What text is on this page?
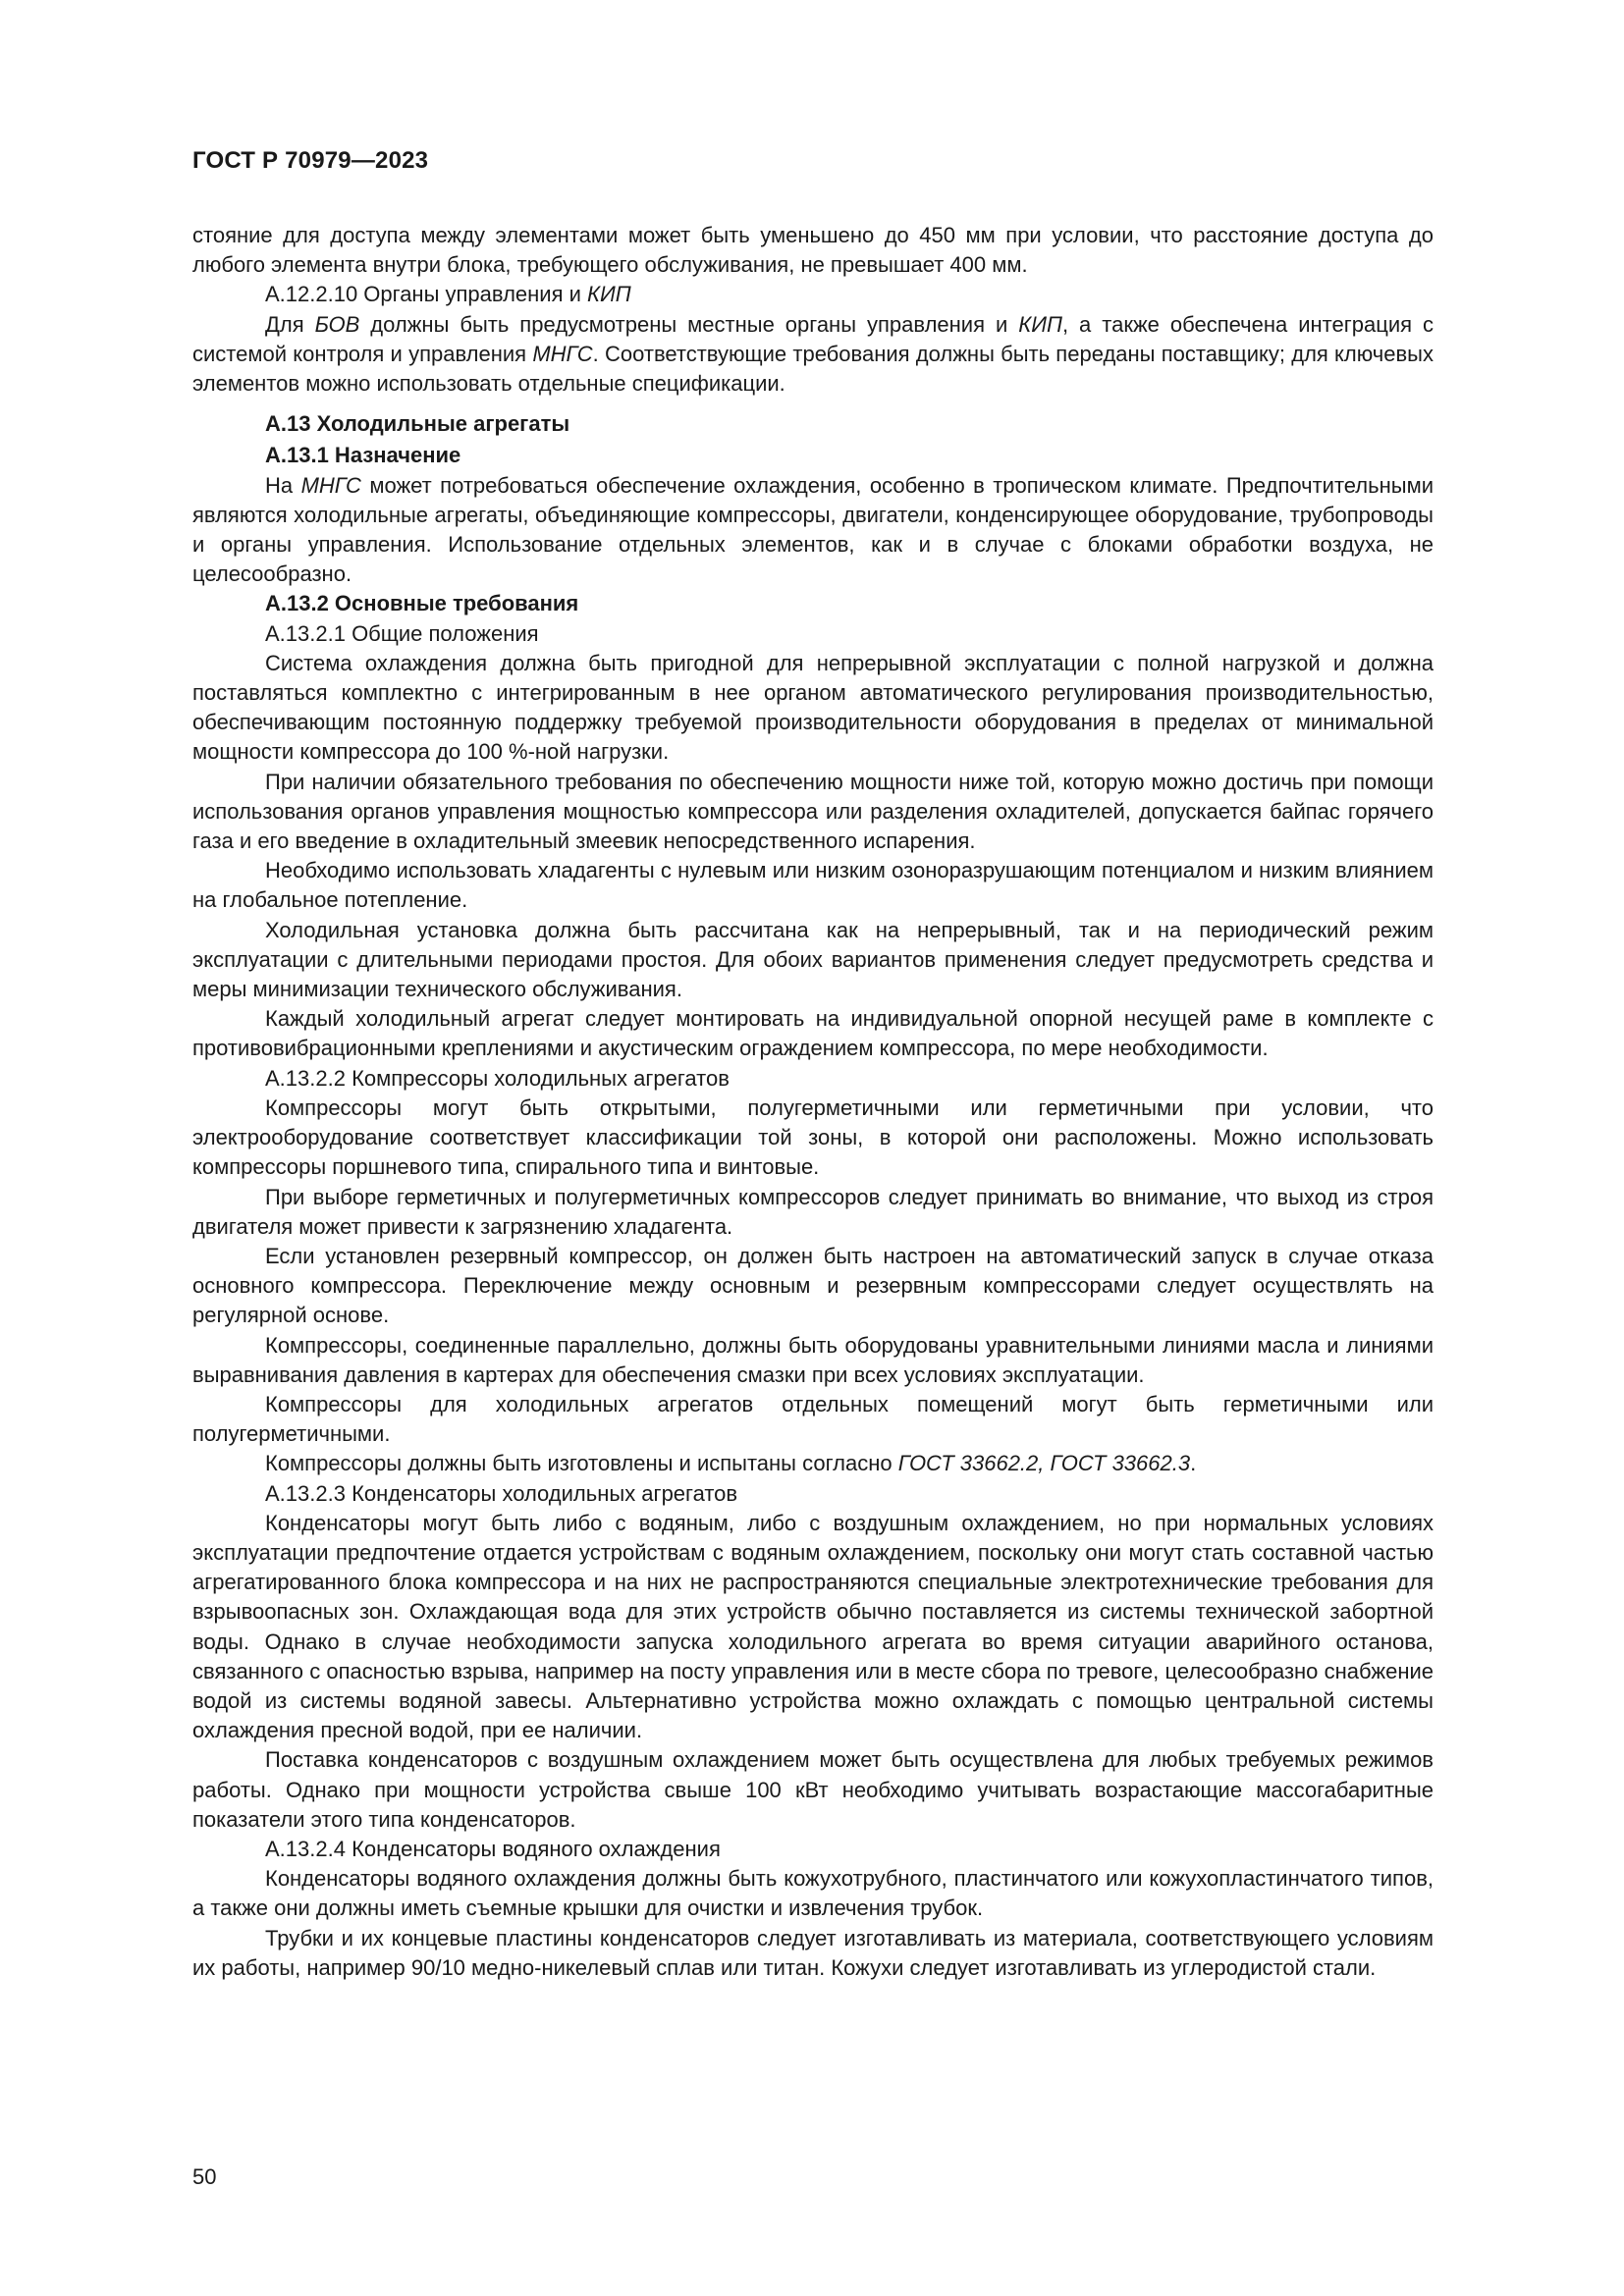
ГОСТ Р 70979—2023

стояние для доступа между элементами может быть уменьшено до 450 мм при условии, что расстояние доступа до любого элемента внутри блока, требующего обслуживания, не превышает 400 мм.

А.12.2.10 Органы управления и КИП

Для БОВ должны быть предусмотрены местные органы управления и КИП, а также обеспечена интеграция с системой контроля и управления МНГС. Соответствующие требования должны быть переданы поставщику; для ключевых элементов можно использовать отдельные спецификации.

А.13 Холодильные агрегаты
А.13.1 Назначение

На МНГС может потребоваться обеспечение охлаждения, особенно в тропическом климате. Предпочтительными являются холодильные агрегаты, объединяющие компрессоры, двигатели, конденсирующее оборудование, трубопроводы и органы управления. Использование отдельных элементов, как и в случае с блоками обработки воздуха, не целесообразно.

А.13.2 Основные требования

А.13.2.1 Общие положения

Система охлаждения должна быть пригодной для непрерывной эксплуатации с полной нагрузкой и должна поставляться комплектно с интегрированным в нее органом автоматического регулирования производительностью, обеспечивающим постоянную поддержку требуемой производительности оборудования в пределах от минимальной мощности компрессора до 100 %-ной нагрузки.

При наличии обязательного требования по обеспечению мощности ниже той, которую можно достичь при помощи использования органов управления мощностью компрессора или разделения охладителей, допускается байпас горячего газа и его введение в охладительный змеевик непосредственного испарения.

Необходимо использовать хладагенты с нулевым или низким озоноразрушающим потенциалом и низким влиянием на глобальное потепление.

Холодильная установка должна быть рассчитана как на непрерывный, так и на периодический режим эксплуатации с длительными периодами простоя. Для обоих вариантов применения следует предусмотреть средства и меры минимизации технического обслуживания.

Каждый холодильный агрегат следует монтировать на индивидуальной опорной несущей раме в комплекте с противовибрационными креплениями и акустическим ограждением компрессора, по мере необходимости.

А.13.2.2 Компрессоры холодильных агрегатов

Компрессоры могут быть открытыми, полугерметичными или герметичными при условии, что электрооборудование соответствует классификации той зоны, в которой они расположены. Можно использовать компрессоры поршневого типа, спирального типа и винтовые.

При выборе герметичных и полугерметичных компрессоров следует принимать во внимание, что выход из строя двигателя может привести к загрязнению хладагента.

Если установлен резервный компрессор, он должен быть настроен на автоматический запуск в случае отказа основного компрессора. Переключение между основным и резервным компрессорами следует осуществлять на регулярной основе.

Компрессоры, соединенные параллельно, должны быть оборудованы уравнительными линиями масла и линиями выравнивания давления в картерах для обеспечения смазки при всех условиях эксплуатации.

Компрессоры для холодильных агрегатов отдельных помещений могут быть герметичными или полугерметичными.

Компрессоры должны быть изготовлены и испытаны согласно ГОСТ 33662.2, ГОСТ 33662.3.

А.13.2.3 Конденсаторы холодильных агрегатов

Конденсаторы могут быть либо с водяным, либо с воздушным охлаждением, но при нормальных условиях эксплуатации предпочтение отдается устройствам с водяным охлаждением, поскольку они могут стать составной частью агрегатированного блока компрессора и на них не распространяются специальные электротехнические требования для взрывоопасных зон. Охлаждающая вода для этих устройств обычно поставляется из системы технической забортной воды. Однако в случае необходимости запуска холодильного агрегата во время ситуации аварийного останова, связанного с опасностью взрыва, например на посту управления или в месте сбора по тревоге, целесообразно снабжение водой из системы водяной завесы. Альтернативно устройства можно охлаждать с помощью центральной системы охлаждения пресной водой, при ее наличии.

Поставка конденсаторов с воздушным охлаждением может быть осуществлена для любых требуемых режимов работы. Однако при мощности устройства свыше 100 кВт необходимо учитывать возрастающие массогабаритные показатели этого типа конденсаторов.

А.13.2.4 Конденсаторы водяного охлаждения

Конденсаторы водяного охлаждения должны быть кожухотрубного, пластинчатого или кожухопластинчатого типов, а также они должны иметь съемные крышки для очистки и извлечения трубок.

Трубки и их концевые пластины конденсаторов следует изготавливать из материала, соответствующего условиям их работы, например 90/10 медно-никелевый сплав или титан. Кожухи следует изготавливать из углеродистой стали.

50
